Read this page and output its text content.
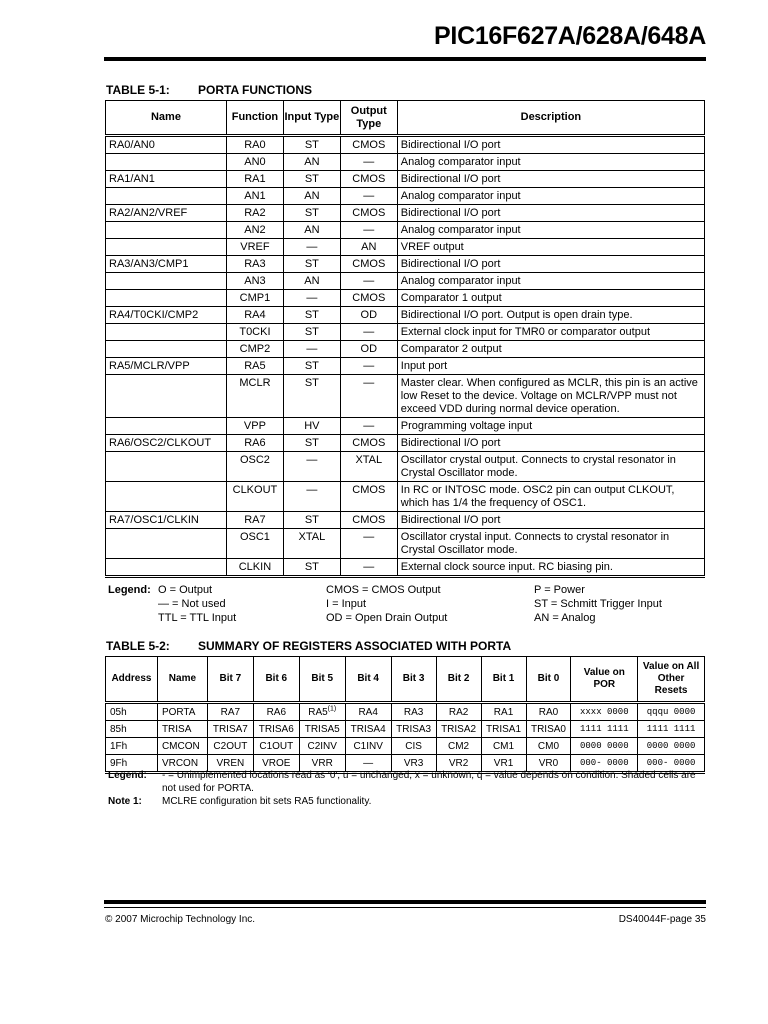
PIC16F627A/628A/648A
TABLE 5-1: PORTA FUNCTIONS
Name	Function	Input Type	Output Type	Description
RA0/AN0	RA0	ST	CMOS	Bidirectional I/O port
	AN0	AN	—	Analog comparator input
RA1/AN1	RA1	ST	CMOS	Bidirectional I/O port
	AN1	AN	—	Analog comparator input
RA2/AN2/VREF	RA2	ST	CMOS	Bidirectional I/O port
	AN2	AN	—	Analog comparator input
	VREF	—	AN	VREF output
RA3/AN3/CMP1	RA3	ST	CMOS	Bidirectional I/O port
	AN3	AN	—	Analog comparator input
	CMP1	—	CMOS	Comparator 1 output
RA4/T0CKI/CMP2	RA4	ST	OD	Bidirectional I/O port. Output is open drain type.
	T0CKI	ST	—	External clock input for TMR0 or comparator output
	CMP2	—	OD	Comparator 2 output
RA5/MCLR/VPP	RA5	ST	—	Input port
	MCLR	ST	—	Master clear. When configured as MCLR, this pin is an active low Reset to the device. Voltage on MCLR/VPP must not exceed VDD during normal device operation.
	VPP	HV	—	Programming voltage input
RA6/OSC2/CLKOUT	RA6	ST	CMOS	Bidirectional I/O port
	OSC2	—	XTAL	Oscillator crystal output. Connects to crystal resonator in Crystal Oscillator mode.
	CLKOUT	—	CMOS	In RC or INTOSC mode. OSC2 pin can output CLKOUT, which has 1/4 the frequency of OSC1.
RA7/OSC1/CLKIN	RA7	ST	CMOS	Bidirectional I/O port
	OSC1	XTAL	—	Oscillator crystal input. Connects to crystal resonator in Crystal Oscillator mode.
	CLKIN	ST	—	External clock source input. RC biasing pin.
Legend: O = Output
— = Not used
TTL = TTL Input
CMOS = CMOS Output
I = Input
OD = Open Drain Output
P = Power
ST = Schmitt Trigger Input
AN = Analog
TABLE 5-2: SUMMARY OF REGISTERS ASSOCIATED WITH PORTA
Address	Name	Bit 7	Bit 6	Bit 5	Bit 4	Bit 3	Bit 2	Bit 1	Bit 0	Value on POR	Value on All Other Resets
05h	PORTA	RA7	RA6	RA5$^{(1)}$	RA4	RA3	RA2	RA1	RA0	xxxx 0000	qqqu 0000
85h	TRISA	TRISA7	TRISA6	TRISA5	TRISA4	TRISA3	TRISA2	TRISA1	TRISA0	1111 1111	1111 1111
1Fh	CMCON	C2OUT	C1OUT	C2INV	C1INV	CIS	CM2	CM1	CM0	0000 0000	0000 0000
9Fh	VRCON	VREN	VROE	VRR	—	VR3	VR2	VR1	VR0	000- 0000	000- 0000
Legend: - = Unimplemented locations read as '0', u = unchanged, x = unknown, q = value depends on condition. Shaded cells are not used for PORTA.
Note 1: MCLRE configuration bit sets RA5 functionality.
© 2007 Microchip Technology Inc.	DS40044F-page 35
